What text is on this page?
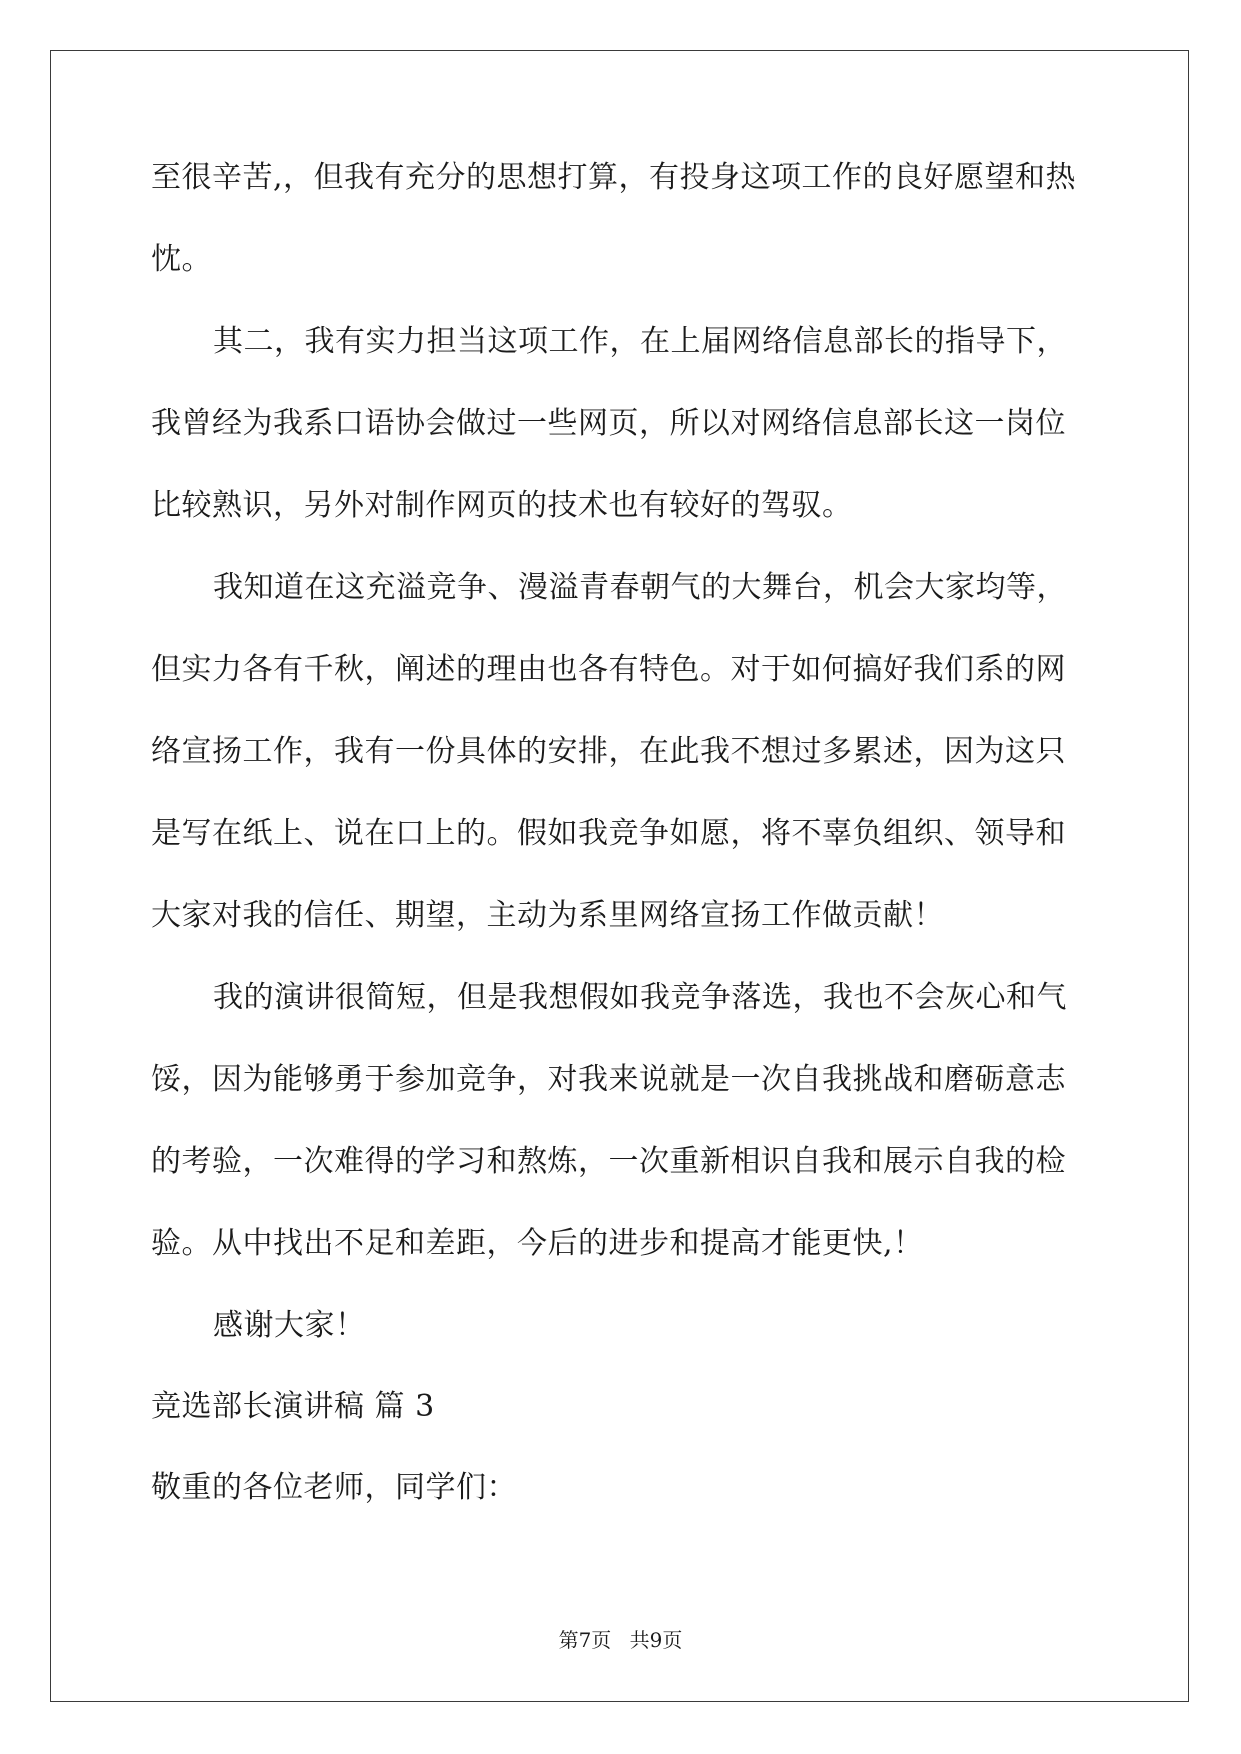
至很辛苦,，但我有充分的思想打算，有投身这项工作的良好愿望和热
忱。
其二，我有实力担当这项工作，在上届网络信息部长的指导下，
我曾经为我系口语协会做过一些网页，所以对网络信息部长这一岗位
比较熟识，另外对制作网页的技术也有较好的驾驭。
我知道在这充溢竞争、漫溢青春朝气的大舞台，机会大家均等，
但实力各有千秋，阐述的理由也各有特色。对于如何搞好我们系的网
络宣扬工作，我有一份具体的安排，在此我不想过多累述，因为这只
是写在纸上、说在口上的。假如我竞争如愿，将不辜负组织、领导和
大家对我的信任、期望，主动为系里网络宣扬工作做贡献！
我的演讲很简短，但是我想假如我竞争落选，我也不会灰心和气
馁，因为能够勇于参加竞争，对我来说就是一次自我挑战和磨砺意志
的考验，一次难得的学习和熬炼，一次重新相识自我和展示自我的检
验。从中找出不足和差距，今后的进步和提高才能更快,！
感谢大家！
竞选部长演讲稿 篇 3
敬重的各位老师，同学们：
第7页 共9页
